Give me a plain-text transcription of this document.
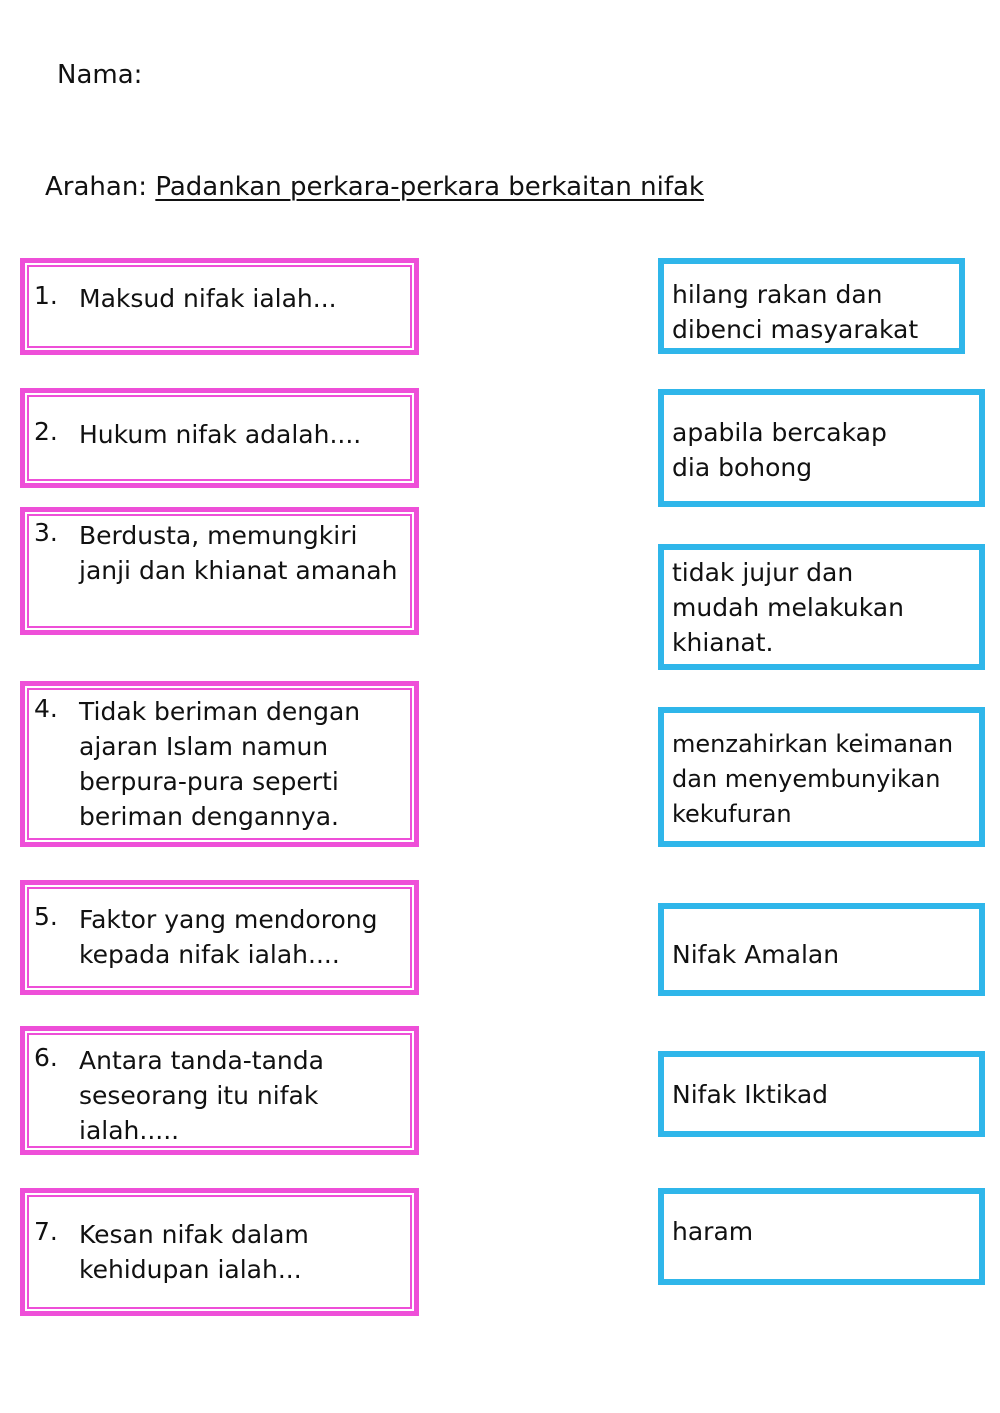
Nama:
Arahan: Padankan perkara-perkara berkaitan nifak
1. Maksud nifak ialah...
2. Hukum nifak adalah....
3. Berdusta, memungkiri janji dan khianat amanah
4. Tidak beriman dengan ajaran Islam namun berpura-pura seperti beriman dengannya.
5. Faktor yang mendorong kepada nifak ialah....
6. Antara tanda-tanda seseorang itu nifak ialah.....
7. Kesan nifak dalam kehidupan ialah...
hilang rakan dan
dibenci masyarakat
apabila bercakap
dia bohong
tidak jujur dan
mudah melakukan
khianat.
menzahirkan keimanan
dan menyembunyikan
kekufuran
Nifak Amalan
Nifak Iktikad
haram
